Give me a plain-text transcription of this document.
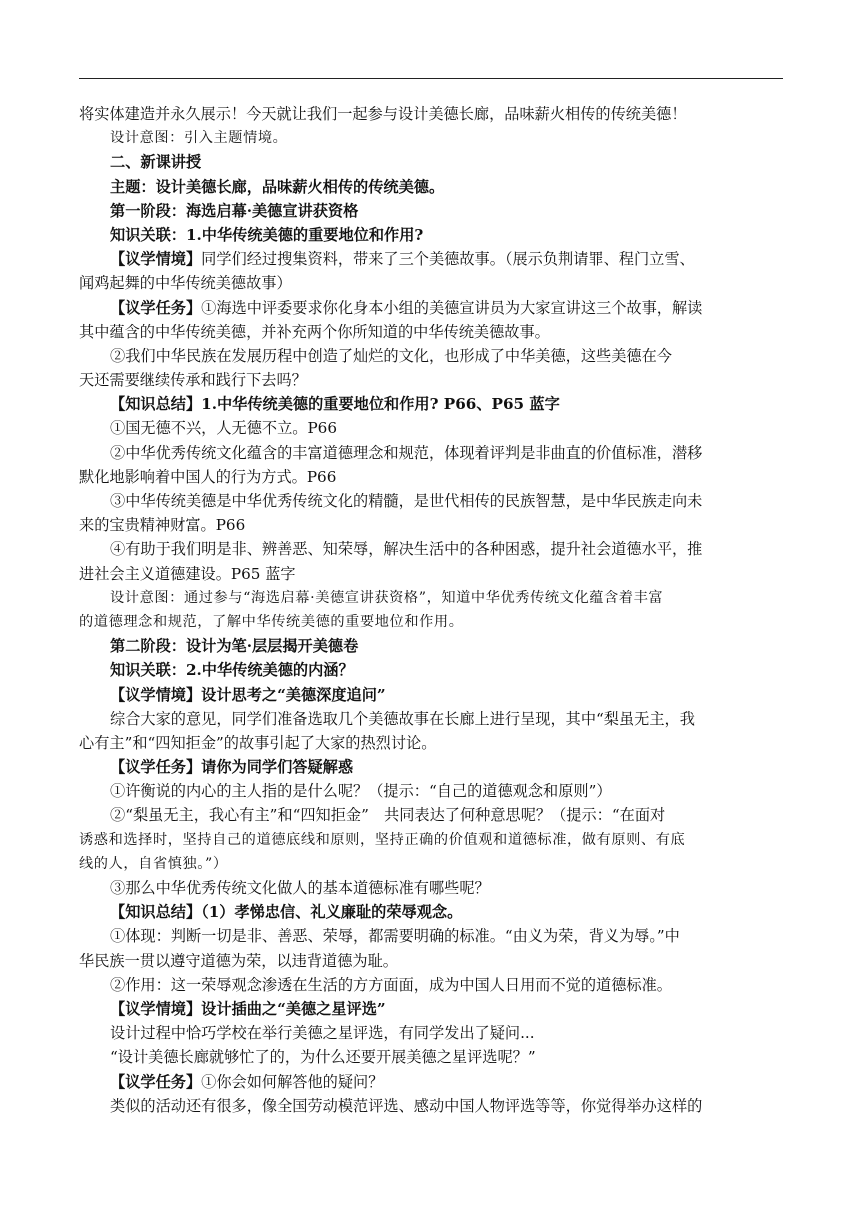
将实体建造并永久展示！今天就让我们一起参与设计美德长廊，品味薪火相传的传统美德！
设计意图：引入主题情境。
二、新课讲授
主题：设计美德长廊，品味薪火相传的传统美德。
第一阶段：海选启幕·美德宣讲获资格
知识关联：1.中华传统美德的重要地位和作用?
【议学情境】同学们经过搜集资料，带来了三个美德故事。（展示负荆请罪、程门立雪、
闻鸡起舞的中华传统美德故事）
【议学任务】①海选中评委要求你化身本小组的美德宣讲员为大家宣讲这三个故事，解读
其中蕴含的中华传统美德，并补充两个你所知道的中华传统美德故事。
②我们中华民族在发展历程中创造了灿烂的文化，也形成了中华美德，这些美德在今
天还需要继续传承和践行下去吗？
【知识总结】1.中华传统美德的重要地位和作用? P66、P65 蓝字
①国无德不兴，人无德不立。P66
②中华优秀传统文化蕴含的丰富道德理念和规范，体现着评判是非曲直的价值标准，潜移
默化地影响着中国人的行为方式。P66
③中华传统美德是中华优秀传统文化的精髓，是世代相传的民族智慧，是中华民族走向未
来的宝贵精神财富。P66
④有助于我们明是非、辨善恶、知荣辱，解决生活中的各种困惑，提升社会道德水平，推
进社会主义道德建设。P65 蓝字
设计意图：通过参与“海选启幕·美德宣讲获资格”，知道中华优秀传统文化蕴含着丰富
的道德理念和规范，了解中华传统美德的重要地位和作用。
第二阶段：设计为笔·层层揭开美德卷
知识关联：2.中华传统美德的内涵？
【议学情境】设计思考之“美德深度追问”
综合大家的意见，同学们准备选取几个美德故事在长廊上进行呈现，其中“梨虽无主，我
心有主”和“四知拒金”的故事引起了大家的热烈讨论。
【议学任务】请你为同学们答疑解惑
①许衡说的内心的主人指的是什么呢？（提示：“自己的道德观念和原则”）
②“梨虽无主，我心有主”和“四知拒金”　共同表达了何种意思呢？（提示：“在面对
诱惑和选择时，坚持自己的道德底线和原则，坚持正确的价值观和道德标准，做有原则、有底
线的人，自省慎独。”）
③那么中华优秀传统文化做人的基本道德标准有哪些呢？
【知识总结】（1）孝悌忠信、礼义廉耻的荣辱观念。
①体现：判断一切是非、善恶、荣辱，都需要明确的标准。“由义为荣，背义为辱。”中
华民族一贯以遵守道德为荣，以违背道德为耻。
②作用：这一荣辱观念渗透在生活的方方面面，成为中国人日用而不觉的道德标准。
【议学情境】设计插曲之“美德之星评选”
设计过程中恰巧学校在举行美德之星评选，有同学发出了疑问...
“设计美德长廊就够忙了的，为什么还要开展美德之星评选呢？”
【议学任务】①你会如何解答他的疑问？
类似的活动还有很多，像全国劳动模范评选、感动中国人物评选等等，你觉得举办这样的
